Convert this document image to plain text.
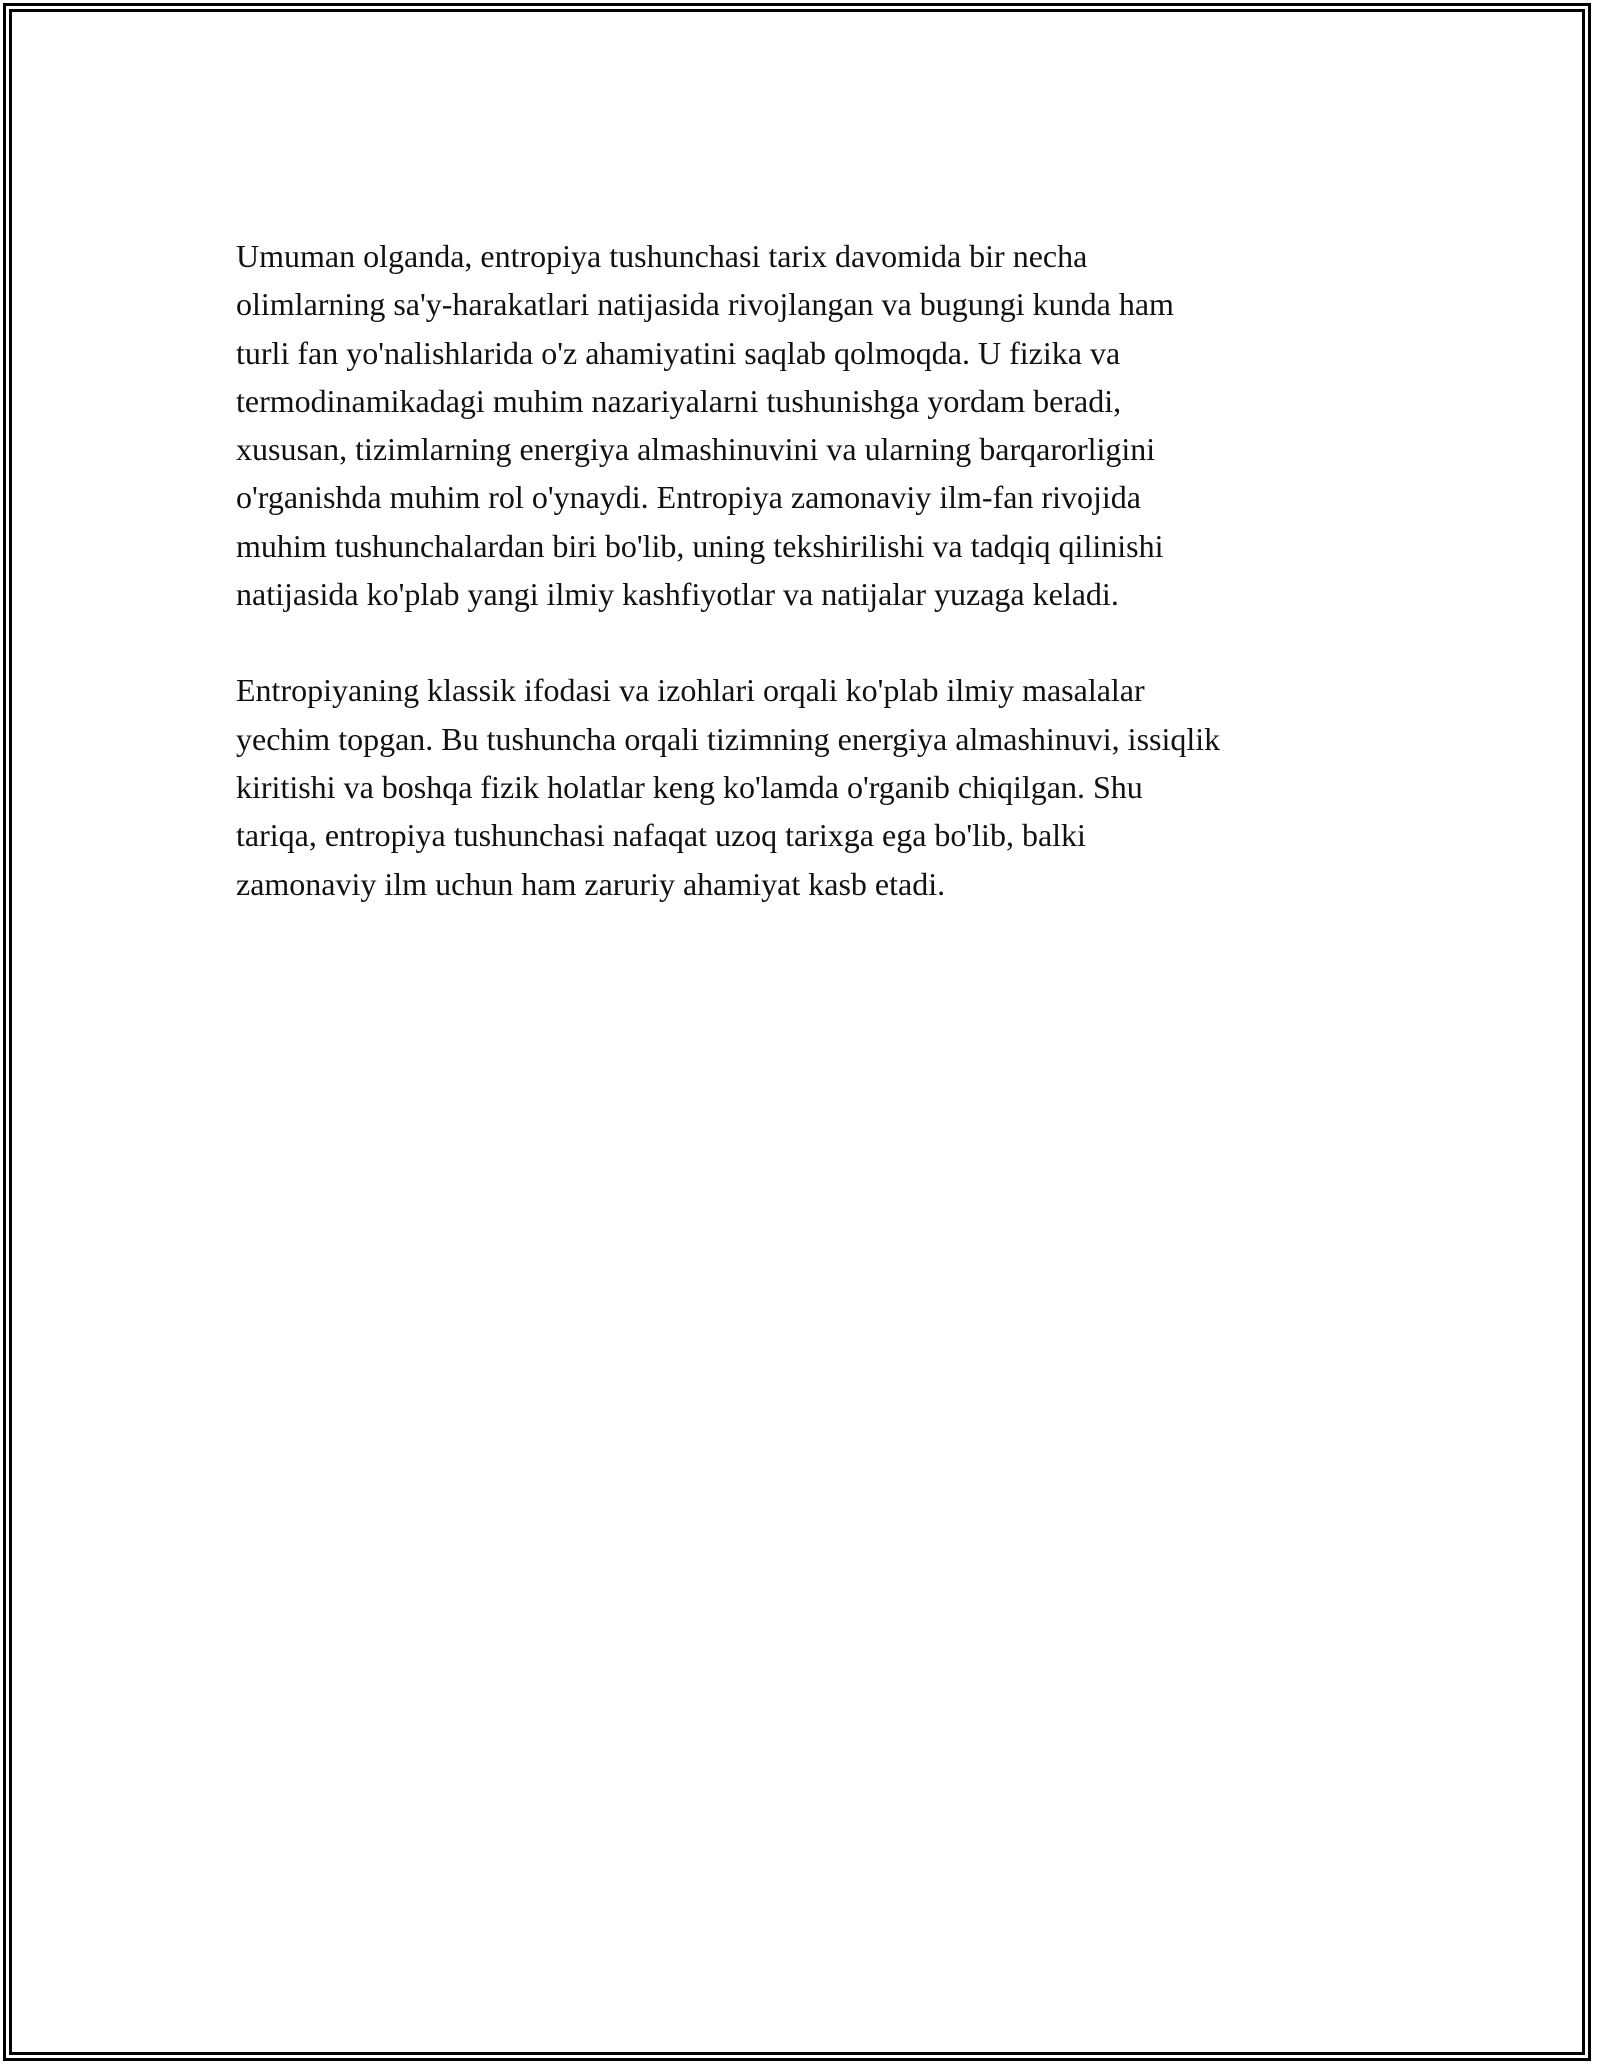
Umuman olganda, entropiya tushunchasi tarix davomida bir necha
olimlarning sa'y-harakatlari natijasida rivojlangan va bugungi kunda ham
turli fan yo'nalishlarida o'z ahamiyatini saqlab qolmoqda. U fizika va
termodinamikadagi muhim nazariyalarni tushunishga yordam beradi,
xususan, tizimlarning energiya almashinuvini va ularning barqarorligini
o'rganishda muhim rol o'ynaydi. Entropiya zamonaviy ilm-fan rivojida
muhim tushunchalardan biri bo'lib, uning tekshirilishi va tadqiq qilinishi
natijasida ko'plab yangi ilmiy kashfiyotlar va natijalar yuzaga keladi.

Entropiyaning klassik ifodasi va izohlari orqali ko'plab ilmiy masalalar
yechim topgan. Bu tushuncha orqali tizimning energiya almashinuvi, issiqlik
kiritishi va boshqa fizik holatlar keng ko'lamda o'rganib chiqilgan. Shu
tariqa, entropiya tushunchasi nafaqat uzoq tarixga ega bo'lib, balki
zamonaviy ilm uchun ham zaruriy ahamiyat kasb etadi.
